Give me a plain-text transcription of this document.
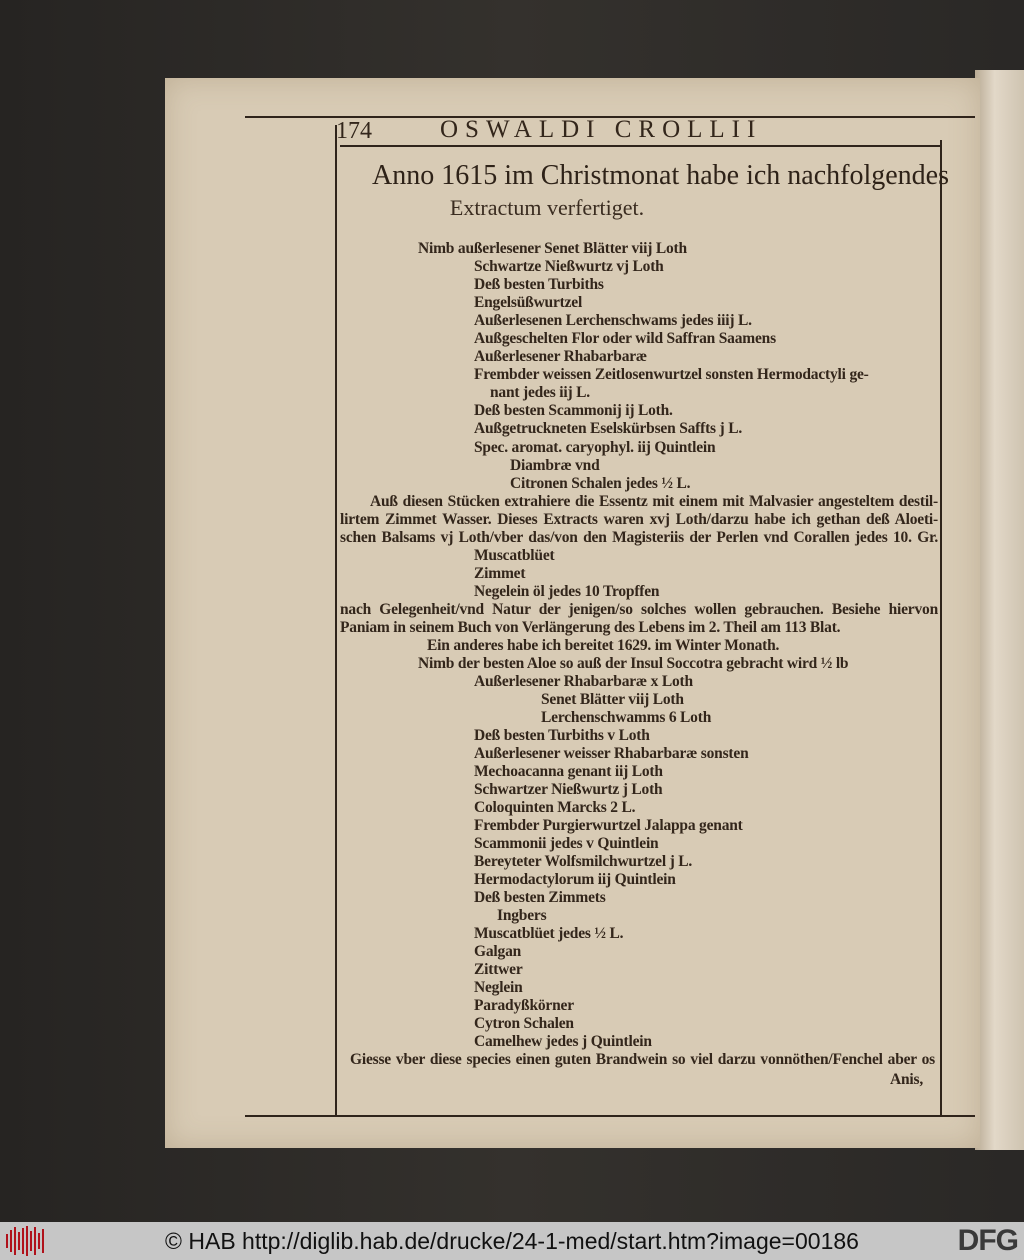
174	OSWALDI CROLLII
Anno 1615 im Christmonat habe ich nachfolgendes
Extractum verfertiget.
Nimb außerlesener Senet Blätter viij Loth
Schwartze Nießwurtz vj Loth
Deß besten Turbiths
Engelsüßwurtzel
Außerlesenen Lerchenschwams jedes iiij L.
Außgeschelten Flor oder wild Saffran Saamens
Außerlesener Rhabarbaræ
Frembder weissen Zeitlosenwurtzel sonsten Hermodactyli ge-
nant jedes iij L.
Deß besten Scammonij ij Loth.
Außgetruckneten Eselskürbsen Saffts j L.
Spec. aromat. caryophyl. iij Quintlein
Diambræ vnd
Citronen Schalen jedes ½ L.
Auß diesen Stücken extrahiere die Essentz mit einem mit Malvasier angesteltem destil-
lirtem Zimmet Wasser. Dieses Extracts waren xvj Loth/darzu habe ich gethan deß Aloeti-
schen Balsams vj Loth/vber das/von den Magisteriis der Perlen vnd Corallen jedes 10. Gr.
Muscatblüet
Zimmet
Negelein öl jedes 10 Tropffen
nach Gelegenheit/vnd Natur der jenigen/so solches wollen gebrauchen. Besiehe hiervon
Paniam in seinem Buch von Verlängerung des Lebens im 2. Theil am 113 Blat.
Ein anderes habe ich bereitet 1629. im Winter Monath.
Nimb der besten Aloe so auß der Insul Soccotra gebracht wird ½ lb
Außerlesener Rhabarbaræ x Loth
Senet Blätter viij Loth
Lerchenschwamms 6 Loth
Deß besten Turbiths v Loth
Außerlesener weisser Rhabarbaræ sonsten
Mechoacanna genant iij Loth
Schwartzer Nießwurtz j Loth
Coloquinten Marcks 2 L.
Frembder Purgierwurtzel Jalappa genant
Scammonii jedes v Quintlein
Bereyteter Wolfsmilchwurtzel j L.
Hermodactylorum iij Quintlein
Deß besten Zimmets
Ingbers
Muscatblüet jedes ½ L.
Galgan
Zittwer
Neglein
Paradyßkörner
Cytron Schalen
Camelhew jedes j Quintlein
Giesse vber diese species einen guten Brandwein so viel darzu vonnöthen/Fenchel aber os
Anis,
© HAB http://diglib.hab.de/drucke/24-1-med/start.htm?image=00186	DFG
